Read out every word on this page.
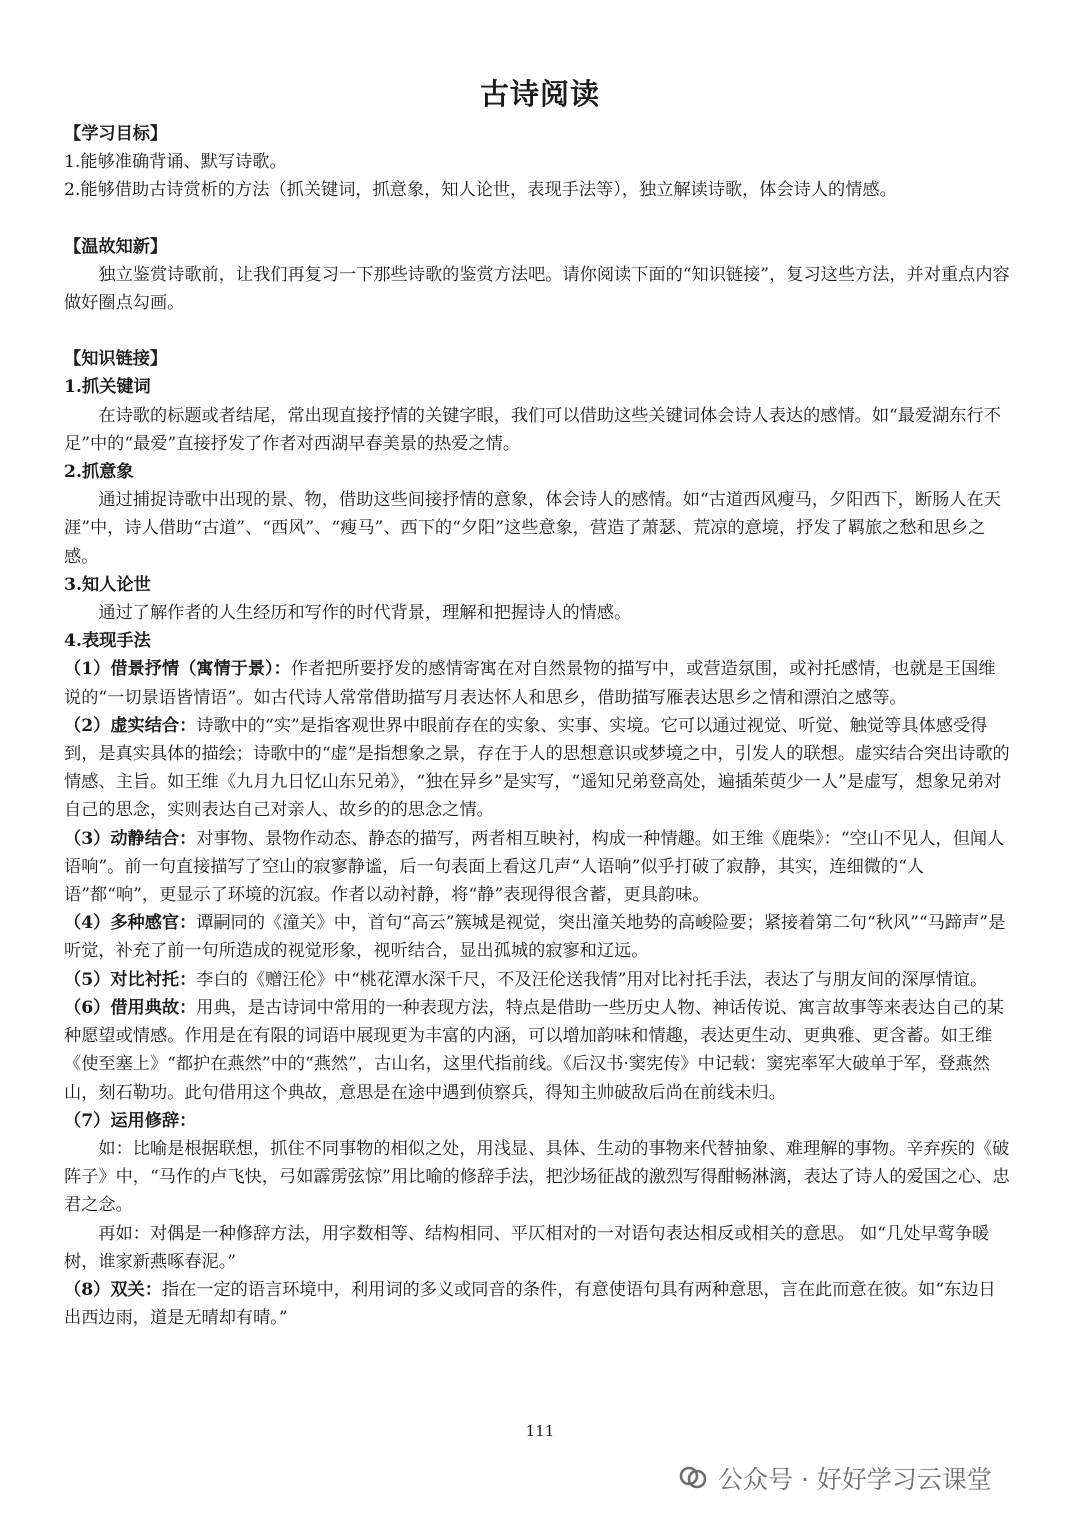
古诗阅读

【学习目标】

1.能够准确背诵、默写诗歌。

2.能够借助古诗赏析的方法（抓关键词，抓意象，知人论世，表现手法等），独立解读诗歌，体会诗人的情感。

【温故知新】

独立鉴赏诗歌前，让我们再复习一下那些诗歌的鉴赏方法吧。请你阅读下面的“知识链接”，复习这些方法，并对重点内容做好圈点勾画。

【知识链接】

1.抓关键词

在诗歌的标题或者结尾，常出现直接抒情的关键字眼，我们可以借助这些关键词体会诗人表达的感情。如“最爱湖东行不足”中的“最爱”直接抒发了作者对西湖早春美景的热爱之情。

2.抓意象

通过捕捉诗歌中出现的景、物，借助这些间接抒情的意象，体会诗人的感情。如“古道西风瘦马，夕阳西下，断肠人在天涯”中，诗人借助“古道”、“西风”、“瘦马”、西下的“夕阳”这些意象，营造了萧瑟、荒凉的意境，抒发了羁旅之愁和思乡之感。

3.知人论世

通过了解作者的人生经历和写作的时代背景，理解和把握诗人的情感。

4.表现手法

（1）借景抒情（寓情于景）：作者把所要抒发的感情寄寓在对自然景物的描写中，或营造氛围，或衬托感情，也就是王国维说的“一切景语皆情语”。如古代诗人常常借助描写月表达怀人和思乡，借助描写雁表达思乡之情和漂泊之感等。

（2）虚实结合：诗歌中的“实”是指客观世界中眼前存在的实象、实事、实境。它可以通过视觉、听觉、触觉等具体感受得到，是真实具体的描绘；诗歌中的“虚”是指想象之景，存在于人的思想意识或梦境之中，引发人的联想。虚实结合突出诗歌的情感、主旨。如王维《九月九日忆山东兄弟》，“独在异乡”是实写，“遥知兄弟登高处，遍插茱萸少一人”是虚写，想象兄弟对自己的思念，实则表达自己对亲人、故乡的的思念之情。

（3）动静结合：对事物、景物作动态、静态的描写，两者相互映衬，构成一种情趣。如王维《鹿柴》：“空山不见人，但闻人语响”。前一句直接描写了空山的寂寥静谧，后一句表面上看这几声“人语响”似乎打破了寂静，其实，连细微的“人语”都“响”，更显示了环境的沉寂。作者以动衬静，将“静”表现得很含蓄，更具韵味。

（4）多种感官：谭嗣同的《潼关》中，首句“高云”簇城是视觉，突出潼关地势的高峻险要；紧接着第二句“秋风”“马蹄声”是听觉，补充了前一句所造成的视觉形象，视听结合，显出孤城的寂寥和辽远。

（5）对比衬托：李白的《赠汪伦》中“桃花潭水深千尺，不及汪伦送我情”用对比衬托手法，表达了与朋友间的深厚情谊。

（6）借用典故：用典，是古诗词中常用的一种表现方法，特点是借助一些历史人物、神话传说、寓言故事等来表达自己的某种愿望或情感。作用是在有限的词语中展现更为丰富的内涵，可以增加韵味和情趣，表达更生动、更典雅、更含蓄。如王维《使至塞上》“都护在燕然”中的“燕然”，古山名，这里代指前线。《后汉书·窦宪传》中记载：窦宪率军大破单于军，登燕然山，刻石勒功。此句借用这个典故，意思是在途中遇到侦察兵，得知主帅破敌后尚在前线未归。

（7）运用修辞：

如：比喻是根据联想，抓住不同事物的相似之处，用浅显、具体、生动的事物来代替抽象、难理解的事物。辛弃疾的《破阵子》中，“马作的卢飞快，弓如霹雳弦惊”用比喻的修辞手法，把沙场征战的激烈写得酣畅淋漓，表达了诗人的爱国之心、忠君之念。

再如：对偶是一种修辞方法，用字数相等、结构相同、平仄相对的一对语句表达相反或相关的意思。 如“几处早莺争暖树，谁家新燕啄春泥。”

（8）双关：指在一定的语言环境中，利用词的多义或同音的条件，有意使语句具有两种意思，言在此而意在彼。如“东边日出西边雨，道是无晴却有晴。”

111
公众号 · 好好学习云课堂
